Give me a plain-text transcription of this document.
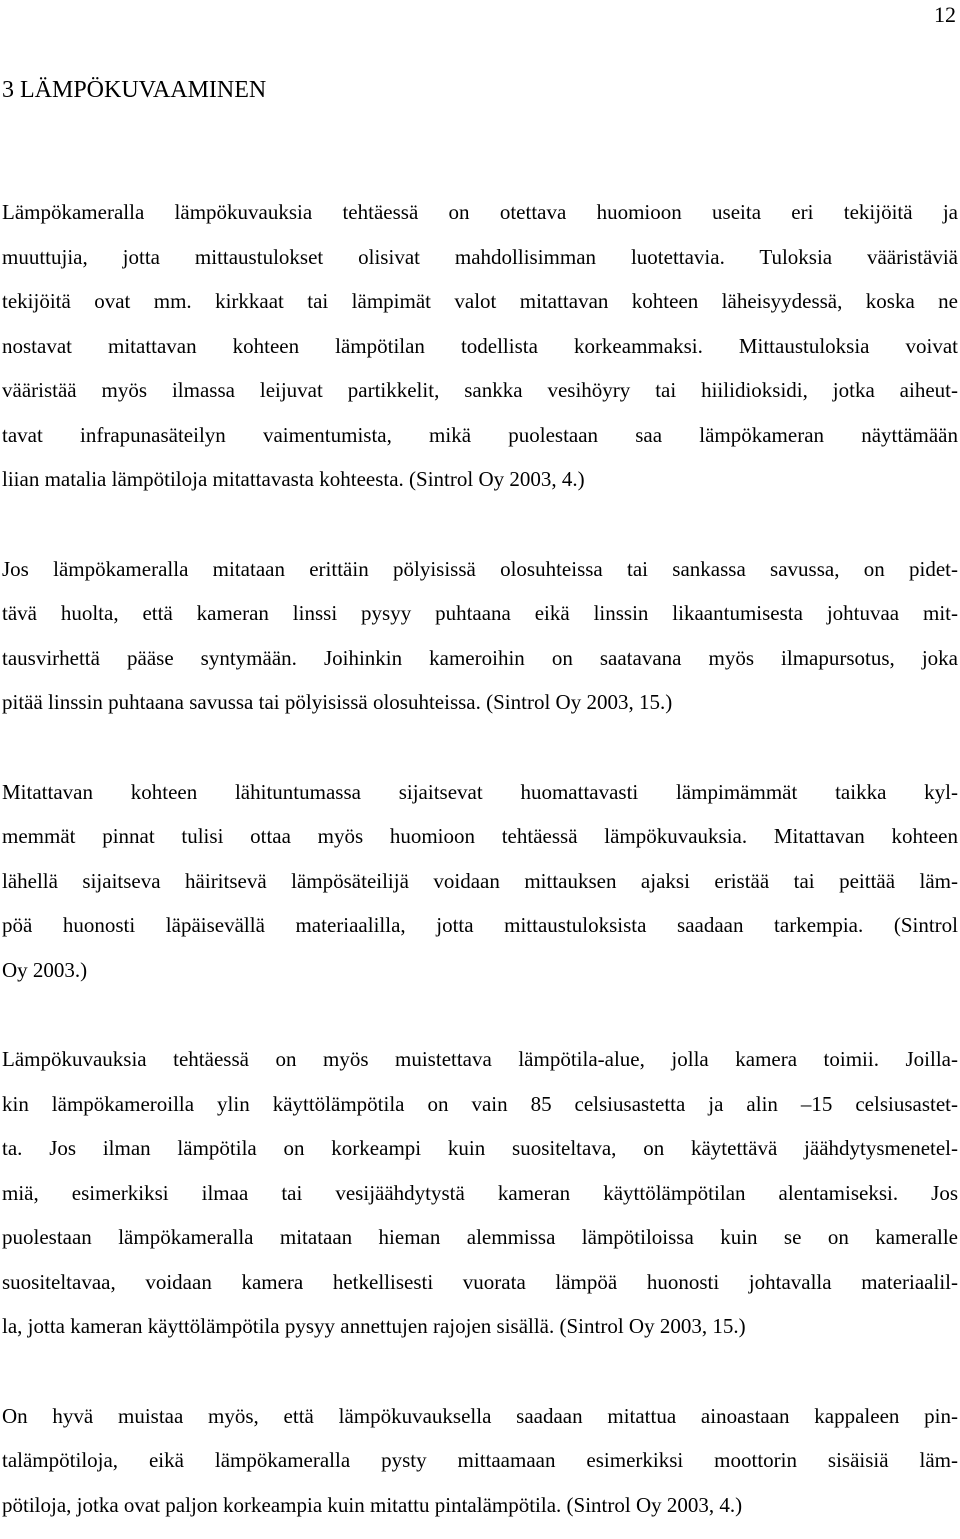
12
3 LÄMPÖKUVAAMINEN

Lämpökameralla lämpökuvauksia tehtäessä on otettava huomioon useita eri tekijöitä ja
muuttujia, jotta mittaustulokset olisivat mahdollisimman luotettavia. Tuloksia vääristäviä
tekijöitä ovat mm. kirkkaat tai lämpimät valot mitattavan kohteen läheisyydessä, koska ne
nostavat mitattavan kohteen lämpötilan todellista korkeammaksi. Mittaustuloksia voivat
vääristää myös ilmassa leijuvat partikkelit, sankka vesihöyry tai hiilidioksidi, jotka aiheut-
tavat infrapunasäteilyn vaimentumista, mikä puolestaan saa lämpökameran näyttämään
liian matalia lämpötiloja mitattavasta kohteesta. (Sintrol Oy 2003, 4.)

Jos lämpökameralla mitataan erittäin pölyisissä olosuhteissa tai sankassa savussa, on pidet-
tävä huolta, että kameran linssi pysyy puhtaana eikä linssin likaantumisesta johtuvaa mit-
tausvirhettä pääse syntymään. Joihinkin kameroihin on saatavana myös ilmapursotus, joka
pitää linssin puhtaana savussa tai pölyisissä olosuhteissa. (Sintrol Oy 2003, 15.)

Mitattavan kohteen lähituntumassa sijaitsevat huomattavasti lämpimämmät taikka kyl-
memmät pinnat tulisi ottaa myös huomioon tehtäessä lämpökuvauksia. Mitattavan kohteen
lähellä sijaitseva häiritsevä lämpösäteilijä voidaan mittauksen ajaksi eristää tai peittää läm-
pöä huonosti läpäisevällä materiaalilla, jotta mittaustuloksista saadaan tarkempia. (Sintrol
Oy 2003.)

Lämpökuvauksia tehtäessä on myös muistettava lämpötila-alue, jolla kamera toimii. Joilla-
kin lämpökameroilla ylin käyttölämpötila on vain 85 celsiusastetta ja alin –15 celsiusastet-
ta. Jos ilman lämpötila on korkeampi kuin suositeltava, on käytettävä jäähdytysmenetel-
miä, esimerkiksi ilmaa tai vesijäähdytystä kameran käyttölämpötilan alentamiseksi. Jos
puolestaan lämpökameralla mitataan hieman alemmissa lämpötiloissa kuin se on kameralle
suositeltavaa, voidaan kamera hetkellisesti vuorata lämpöä huonosti johtavalla materiaalil-
la, jotta kameran käyttölämpötila pysyy annettujen rajojen sisällä. (Sintrol Oy 2003, 15.)

On hyvä muistaa myös, että lämpökuvauksella saadaan mitattua ainoastaan kappaleen pin-
talämpötiloja, eikä lämpökameralla pysty mittaamaan esimerkiksi moottorin sisäisiä läm-
pötiloja, jotka ovat paljon korkeampia kuin mitattu pintalämpötila. (Sintrol Oy 2003, 4.)
